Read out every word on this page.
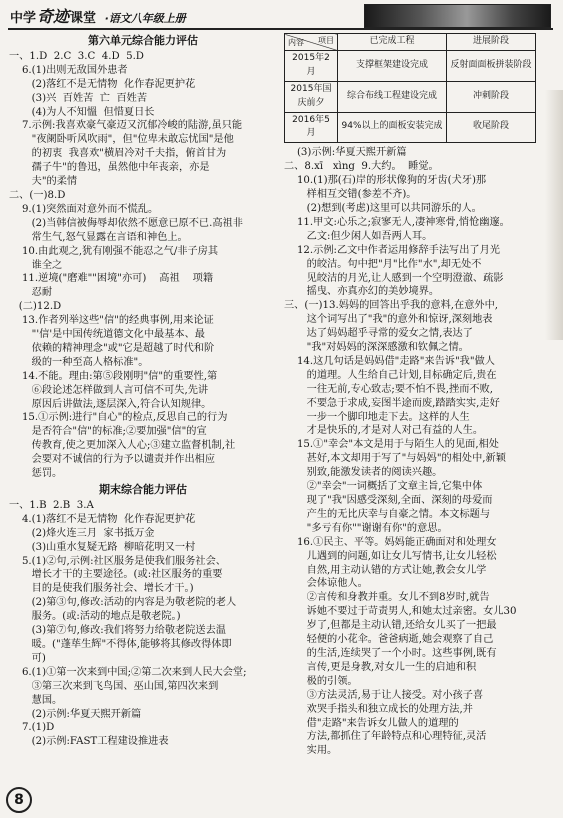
中学奇迹课堂 ·语文八年级上册
第六单元综合能力评估
一、1.D  2.C  3.C  4.D  5.D
6.(1)出则无敌国外患者
(2)落红不是无情物  化作春泥更护花
(3)兴  百姓苦  亡  百姓苦
(4)为人不知慍  但惜夏日长
7.示例:我喜欢豪气豪迈又沉郁冷峻的陆游,虽只能
"夜阑卧听风吹雨"，但"位卑未敢忘忧国"是他
的初衷  我喜欢"横眉冷对千夫指，俯首甘为
孺子牛"的鲁迅，虽然他中年丧亲，亦是
夫"的柔情
二、(一)8.D
9.(1)突然面对意外而不慌乱。
(2)当韩信被侮辱却依然不愿意已原不已.高祖非
常生气,怒气显露在言语和神色上。
10.由此观之,犹有刚强不能忍之气/非子房其
谁全之
11.逆境("磨难""困境"亦可)    高祖    项籍
忍耐
(二)12.D
13.作者列举这些"信"的经典事例,用来论证
"'信'是中国传统道德文化中最基本、最
依赖的精神理念"或"它是超越了时代和阶
级的一种至高人格标准"。
14.不能。理由:第⑤段刚明"信"的重要性,第
⑥段论述怎样做到人言可信不可失,先讲
原因后讲做法,逐层深入,符合认知规律。
15.①示例:进行"自心"的检点,反思自己的行为
是否符合"信"的标准;②要加强"信"的宣
传教育,使之更加深入人心;③建立监督机制,社
会要对不诚信的行为予以谴责并作出相应
惩罚。
期末综合能力评估
一、1.B  2.B  3.A
4.(1)落红不是无情物  化作春泥更护花
(2)烽火连三月  家书抵万金
(3)山重水复疑无路  柳暗花明又一村
5.(1)②句,示例:社区服务是使我们服务社会、
增长才干的主要途径。(或:社区服务的重要
目的是使我们服务社会、增长才干。)
(2)第③句,修改:活动的内容是为敬老院的老人
服务。(或:活动的地点是敬老院。)
(3)第⑦句,修改:我们将努力给敬老院送去温
暖。("蓬荜生辉"不得体,能够将其修改得体即
可)
6.(1)①第一次来到中国;②第二次来到人民大会堂;
③第三次来到飞鸟国、巫山国,第四次来到
慧国。
(2)示例:华夏天熙开新篇
7.(1)D
(2)示例:FAST工程建设推进表
项目
内容	已完成工程	进展阶段
2015年2月	支撑框架建设完成	反射面面板拼装阶段
2015年国庆前夕	综合布线工程建设完成	冲刺阶段
2016年5月	94%以上的面板安装完成	收尾阶段
(3)示例:华夏天熙开新篇
二、8.xī   xìng  9.大约。  睡觉。
10.(1)那(石)岸的形状像狗的牙齿(犬牙)那
样相互交错(参差不齐)。
(2)想到(考虑)这里可以共同游乐的人。
11.甲文:心乐之;寂寥无人,凄神寒骨,悄怆幽邃。
乙文:但少闲人如吾两人耳。
12.示例:乙文中作者运用修辞手法写出了月光
的皎洁。句中把"月"比作"水",却无处不
见皎洁的月光,让人感到一个空明澄澈、疏影
摇曳、亦真亦幻的美妙境界。
三、(一)13.妈妈的回答出乎我的意料,在意外中,
这个词写出了"我"的意外和惊讶,深刻地表
达了妈妈超乎寻常的爱女之情,表达了
"我"对妈妈的深深感激和钦佩之情。
14.这几句话是妈妈借"走路"来告诉"我"做人
的道理。人生给自己计划,目标确定后,贵在
一往无前,专心致志;要不怕不畏,挫而不败,
不要急于求成,妄图半途而废,踏踏实实,走好
一步一个脚印地走下去。这样的人生
才是快乐的,才是对人对己有益的人生。
15.①"幸会"本文是用于与陌生人的见面,相处
甚好,本文却用于写了"与妈妈"的相处中,新颖
别致,能激发读者的阅读兴趣。
②"幸会"一词概括了文章主旨,它集中体
现了"我"因感受深刻,全面、深刻的母爱而
产生的无比庆幸与自豪之情。本文标题与
"多亏有你""谢谢有你"的意思。
16.①民主、平等。妈妈能正确面对和处理女
儿遇到的问题,如让女儿写情书,让女儿轻松
自然,用主动认错的方式让她,教会女儿学
会体谅他人。
②言传和身教并重。女儿不到8岁时,就告
诉她不要过于苛责男人,和她太过亲密。女儿30
岁了,但都是主动认错,还给女儿买了一把最
轻便的小花伞。爸爸病逝,她会观察了自己
的生活,连续哭了一个小时。这些事例,既有
言传,更是身教,对女儿一生的启迪和积
极的引领。
③方法灵活,易于让人接受。对小孩子喜
欢哭手指头和独立成长的处理方法,并
借"走路"来告诉女儿做人的道理的
方法,都抓住了年龄特点和心理特征,灵活
实用。
8
